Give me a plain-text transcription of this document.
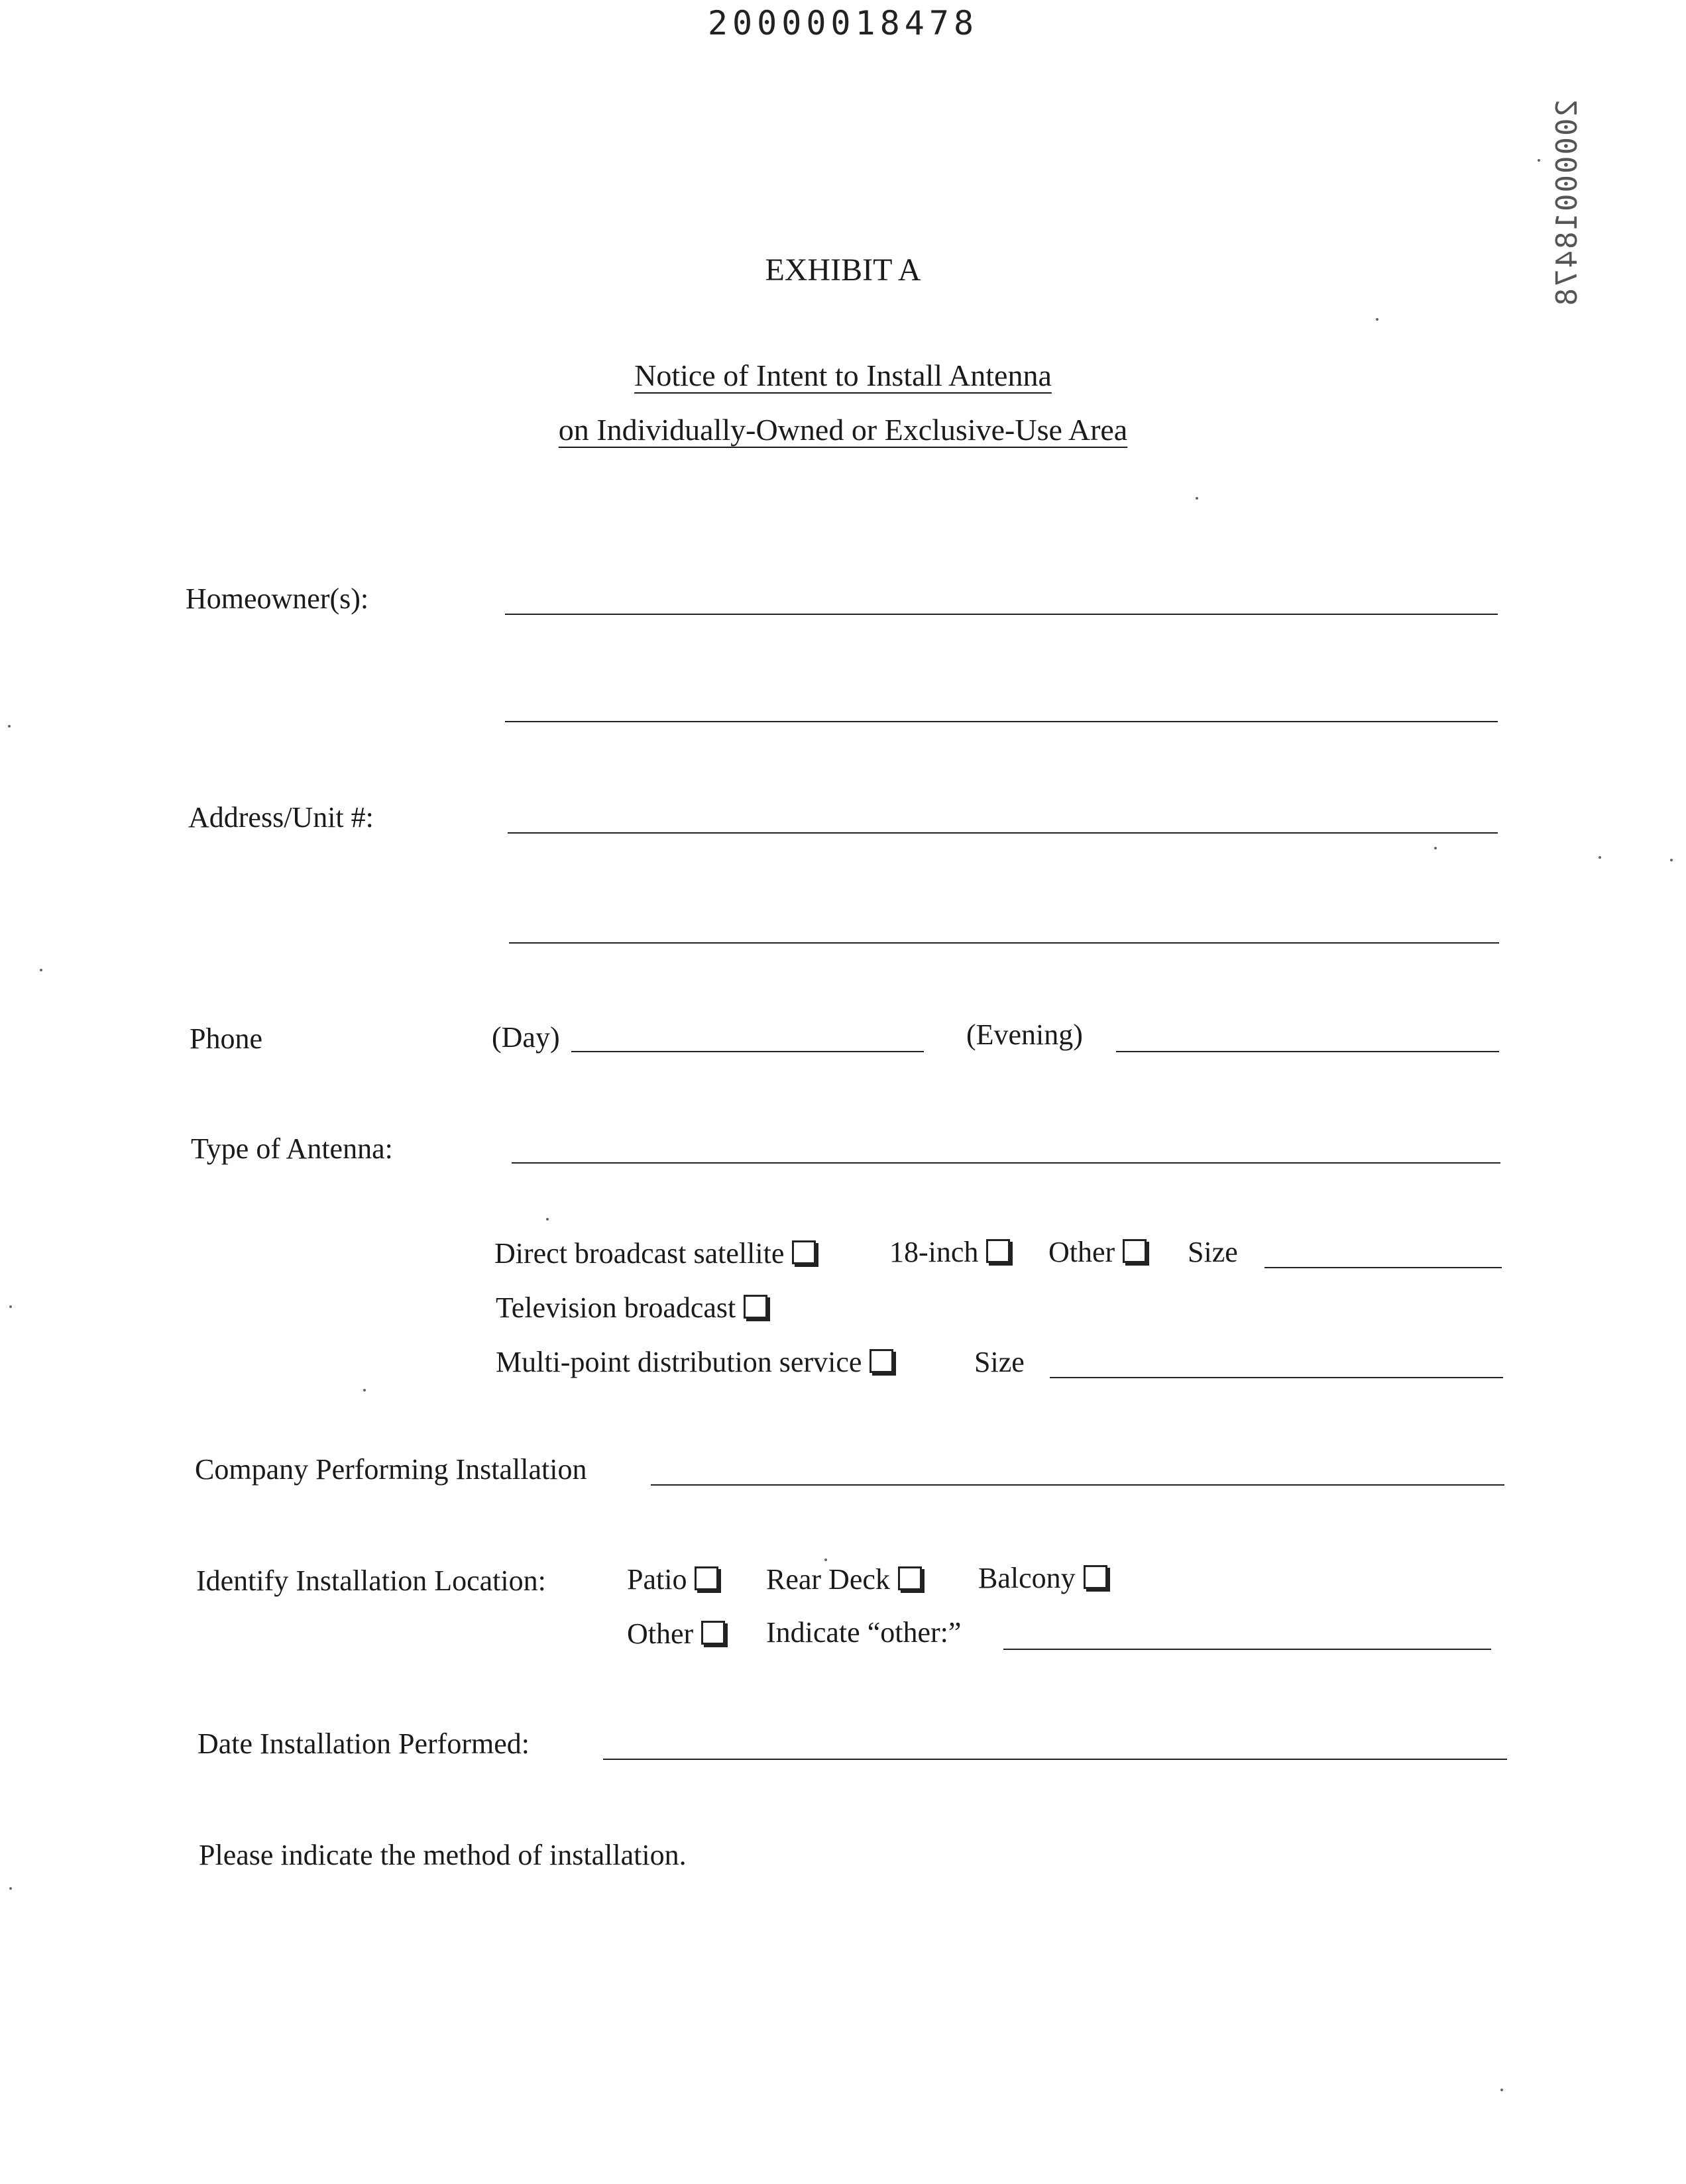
20000018478
20000018478
EXHIBIT A
Notice of Intent to Install Antenna
on Individually-Owned or Exclusive-Use Area
Homeowner(s):
Address/Unit #:
Phone	(Day)	(Evening)
Type of Antenna:
Direct broadcast satellite	18-inch	Other	Size
Television broadcast
Multi-point distribution service	Size
Company Performing Installation
Identify Installation Location:	Patio	Rear Deck	Balcony
Other	Indicate “other:”
Date Installation Performed:
Please indicate the method of installation.
